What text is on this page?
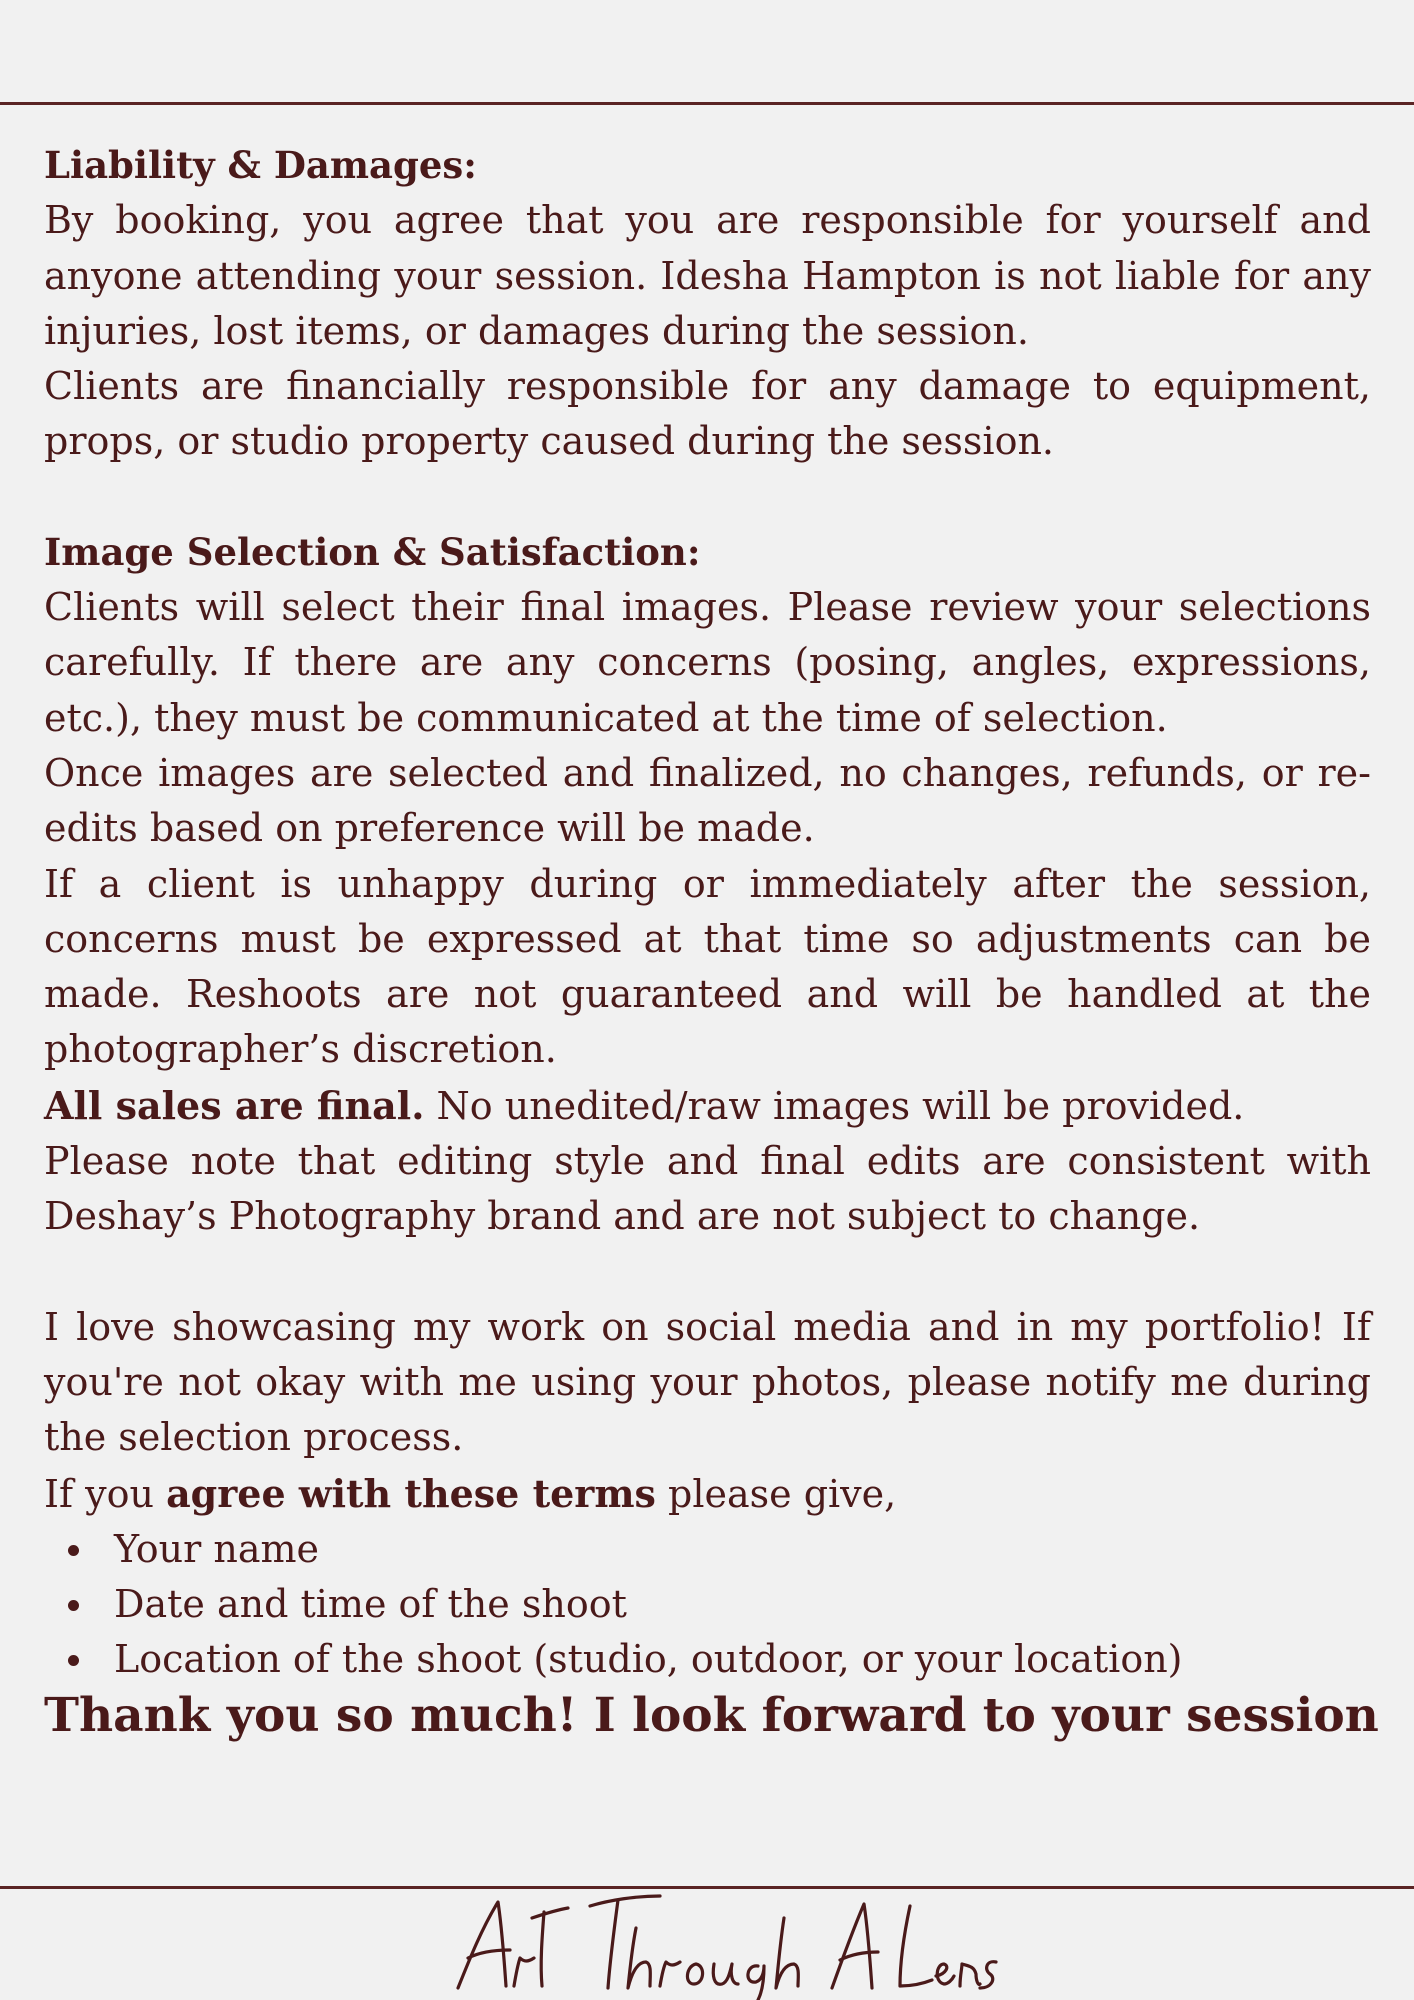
Liability & Damages:

By booking, you agree that you are responsible for yourself and anyone attending your session. Idesha Hampton is not liable for any injuries, lost items, or damages during the session.

Clients are financially responsible for any damage to equipment, props, or studio property caused during the session.

Image Selection & Satisfaction:

Clients will select their final images. Please review your selections carefully. If there are any concerns (posing, angles, expressions, etc.), they must be communicated at the time of selection.

Once images are selected and finalized, no changes, refunds, or re-edits based on preference will be made.

If a client is unhappy during or immediately after the session, concerns must be expressed at that time so adjustments can be made. Reshoots are not guaranteed and will be handled at the photographer’s discretion.

All sales are final. No unedited/raw images will be provided.

Please note that editing style and final edits are consistent with Deshay’s Photography brand and are not subject to change.

I love showcasing my work on social media and in my portfolio! If you're not okay with me using your photos, please notify me during the selection process.

If you agree with these terms please give,

Your name
Date and time of the shoot
Location of the shoot (studio, outdoor, or your location)
Thank you so much! I look forward to your session
